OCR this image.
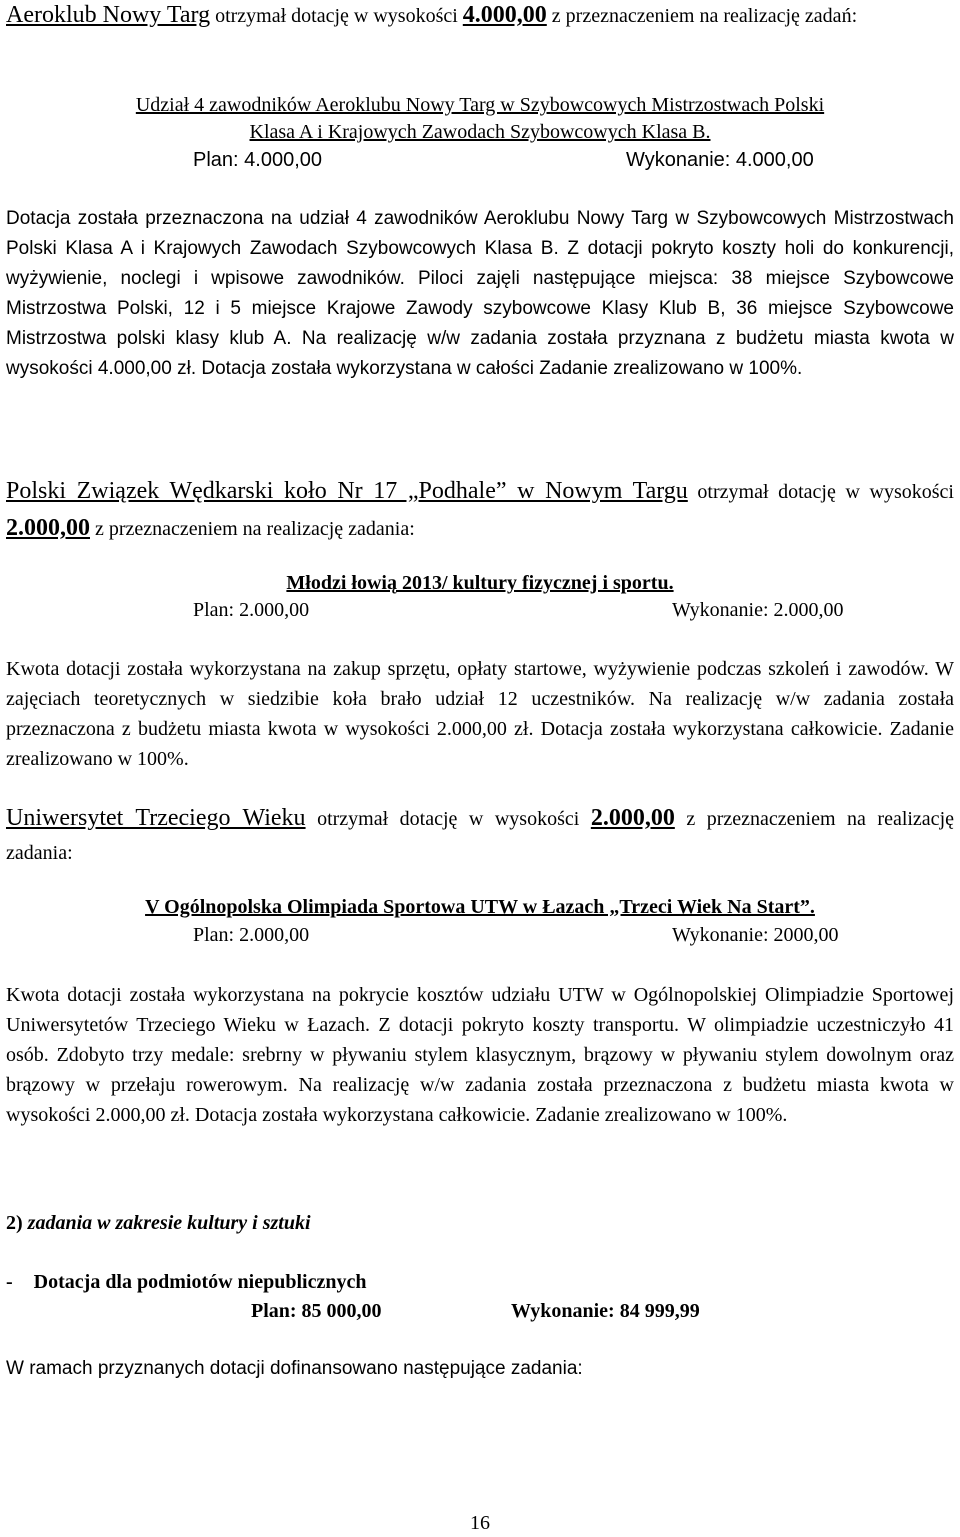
Aeroklub Nowy Targ otrzymał dotację w wysokości 4.000,00 z przeznaczeniem na realizację zadań:
Udział 4 zawodników Aeroklubu Nowy Targ w Szybowcowych Mistrzostwach Polski
Klasa A i Krajowych Zawodach Szybowcowych Klasa B.
Plan: 4.000,00	Wykonanie: 4.000,00

Dotacja została przeznaczona na udział 4 zawodników Aeroklubu Nowy Targ w Szybowcowych Mistrzostwach Polski Klasa A i Krajowych Zawodach Szybowcowych Klasa B. Z dotacji pokryto koszty holi do konkurencji, wyżywienie, noclegi i wpisowe zawodników. Piloci zajęli następujące miejsca: 38 miejsce Szybowcowe Mistrzostwa Polski, 12 i 5 miejsce Krajowe Zawody szybowcowe Klasy Klub B, 36 miejsce Szybowcowe Mistrzostwa polski klasy klub A. Na realizację w/w zadania została przyznana z budżetu miasta kwota w wysokości 4.000,00 zł. Dotacja została wykorzystana w całości Zadanie zrealizowano w 100%.

Polski Związek Wędkarski koło Nr 17 „Podhale” w Nowym Targu otrzymał dotację w wysokości 2.000,00 z przeznaczeniem na realizację zadania:
Młodzi łowią 2013/ kultury fizycznej i sportu.
Plan: 2.000,00	Wykonanie: 2.000,00

Kwota dotacji została wykorzystana na zakup sprzętu, opłaty startowe, wyżywienie podczas szkoleń i zawodów. W zajęciach teoretycznych w siedzibie koła brało udział 12 uczestników. Na realizację w/w zadania została przeznaczona z budżetu miasta kwota w wysokości 2.000,00 zł. Dotacja została wykorzystana całkowicie. Zadanie zrealizowano w 100%.

Uniwersytet Trzeciego Wieku otrzymał dotację w wysokości 2.000,00 z przeznaczeniem na realizację zadania:
V Ogólnopolska Olimpiada Sportowa UTW w Łazach „Trzeci Wiek Na Start”.
Plan: 2.000,00	Wykonanie: 2000,00

Kwota dotacji została wykorzystana na pokrycie kosztów udziału UTW w Ogólnopolskiej Olimpiadzie Sportowej Uniwersytetów Trzeciego Wieku w Łazach. Z dotacji pokryto koszty transportu. W olimpiadzie uczestniczyło 41 osób. Zdobyto trzy medale: srebrny w pływaniu stylem klasycznym, brązowy w pływaniu stylem dowolnym oraz brązowy w przełaju rowerowym. Na realizację w/w zadania została przeznaczona z budżetu miasta kwota w wysokości 2.000,00 zł. Dotacja została wykorzystana całkowicie. Zadanie zrealizowano w 100%.

2) zadania w zakresie kultury i sztuki
- Dotacja dla podmiotów niepublicznych
Plan: 85 000,00	Wykonanie: 84 999,99
W ramach przyznanych dotacji dofinansowano następujące zadania:
16
